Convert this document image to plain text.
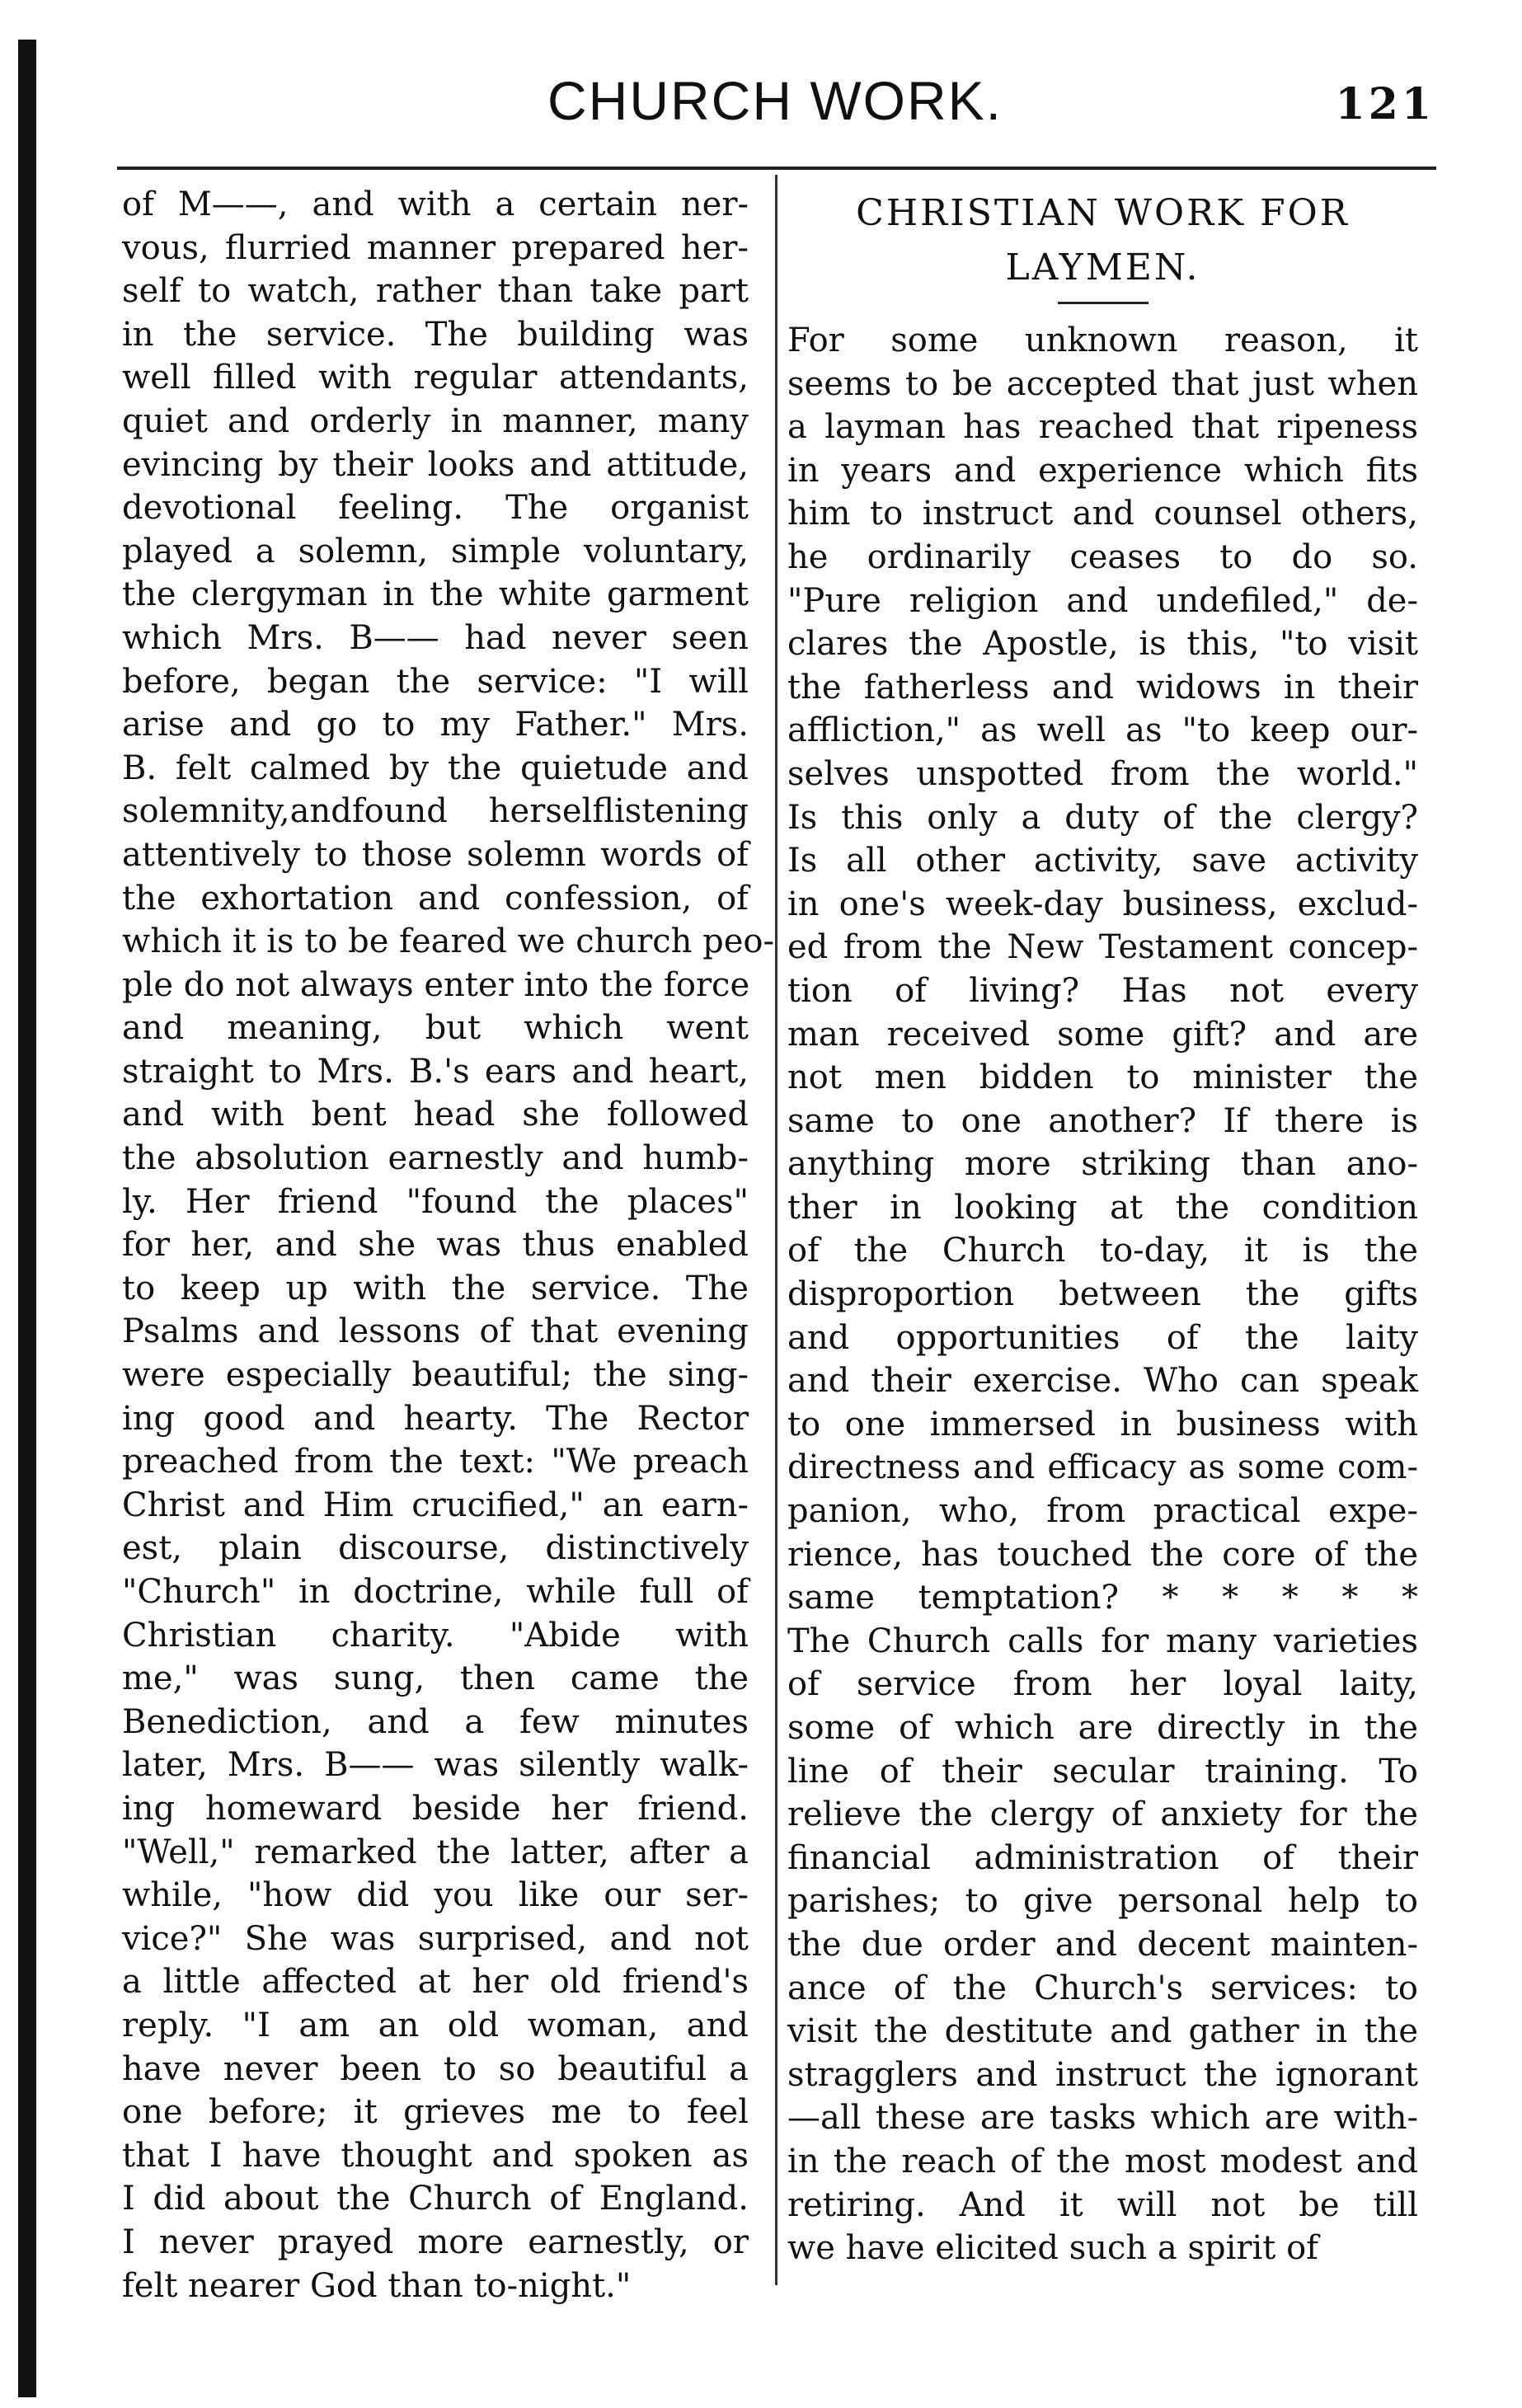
CHURCH WORK.	121
of M——, and with a certain ner-
vous, flurried manner prepared her-
self to watch, rather than take part
in the service. The building was
well filled with regular attendants,
quiet and orderly in manner, many
evincing by their looks and attitude,
devotional feeling. The organist
played a solemn, simple voluntary,
the clergyman in the white garment
which Mrs. B—— had never seen
before, began the service: "I will
arise and go to my Father." Mrs.
B. felt calmed by the quietude and
solemnity,andfound herselflistening
attentively to those solemn words of
the exhortation and confession, of
which it is to be feared we church peo-
ple do not always enter into the force
and meaning, but which went
straight to Mrs. B.'s ears and heart,
and with bent head she followed
the absolution earnestly and humb-
ly. Her friend "found the places"
for her, and she was thus enabled
to keep up with the service. The
Psalms and lessons of that evening
were especially beautiful; the sing-
ing good and hearty. The Rector
preached from the text: "We preach
Christ and Him crucified," an earn-
est, plain discourse, distinctively
"Church" in doctrine, while full of
Christian charity. "Abide with
me," was sung, then came the
Benediction, and a few minutes
later, Mrs. B—— was silently walk-
ing homeward beside her friend.
"Well," remarked the latter, after a
while, "how did you like our ser-
vice?" She was surprised, and not
a little affected at her old friend's
reply. "I am an old woman, and
have never been to so beautiful a
one before; it grieves me to feel
that I have thought and spoken as
I did about the Church of England.
I never prayed more earnestly, or
felt nearer God than to-night."
CHRISTIAN WORK FOR
LAYMEN.
For some unknown reason, it
seems to be accepted that just when
a layman has reached that ripeness
in years and experience which fits
him to instruct and counsel others,
he ordinarily ceases to do so.
"Pure religion and undefiled," de-
clares the Apostle, is this, "to visit
the fatherless and widows in their
affliction," as well as "to keep our-
selves unspotted from the world."
Is this only a duty of the clergy?
Is all other activity, save activity
in one's week-day business, exclud-
ed from the New Testament concep-
tion of living? Has not every
man received some gift? and are
not men bidden to minister the
same to one another? If there is
anything more striking than ano-
ther in looking at the condition
of the Church to-day, it is the
disproportion between the gifts
and opportunities of the laity
and their exercise. Who can speak
to one immersed in business with
directness and efficacy as some com-
panion, who, from practical expe-
rience, has touched the core of the
same temptation? * * * * *
The Church calls for many varieties
of service from her loyal laity,
some of which are directly in the
line of their secular training. To
relieve the clergy of anxiety for the
financial administration of their
parishes; to give personal help to
the due order and decent mainten-
ance of the Church's services: to
visit the destitute and gather in the
stragglers and instruct the ignorant
—all these are tasks which are with-
in the reach of the most modest and
retiring. And it will not be till
we have elicited such a spirit of
